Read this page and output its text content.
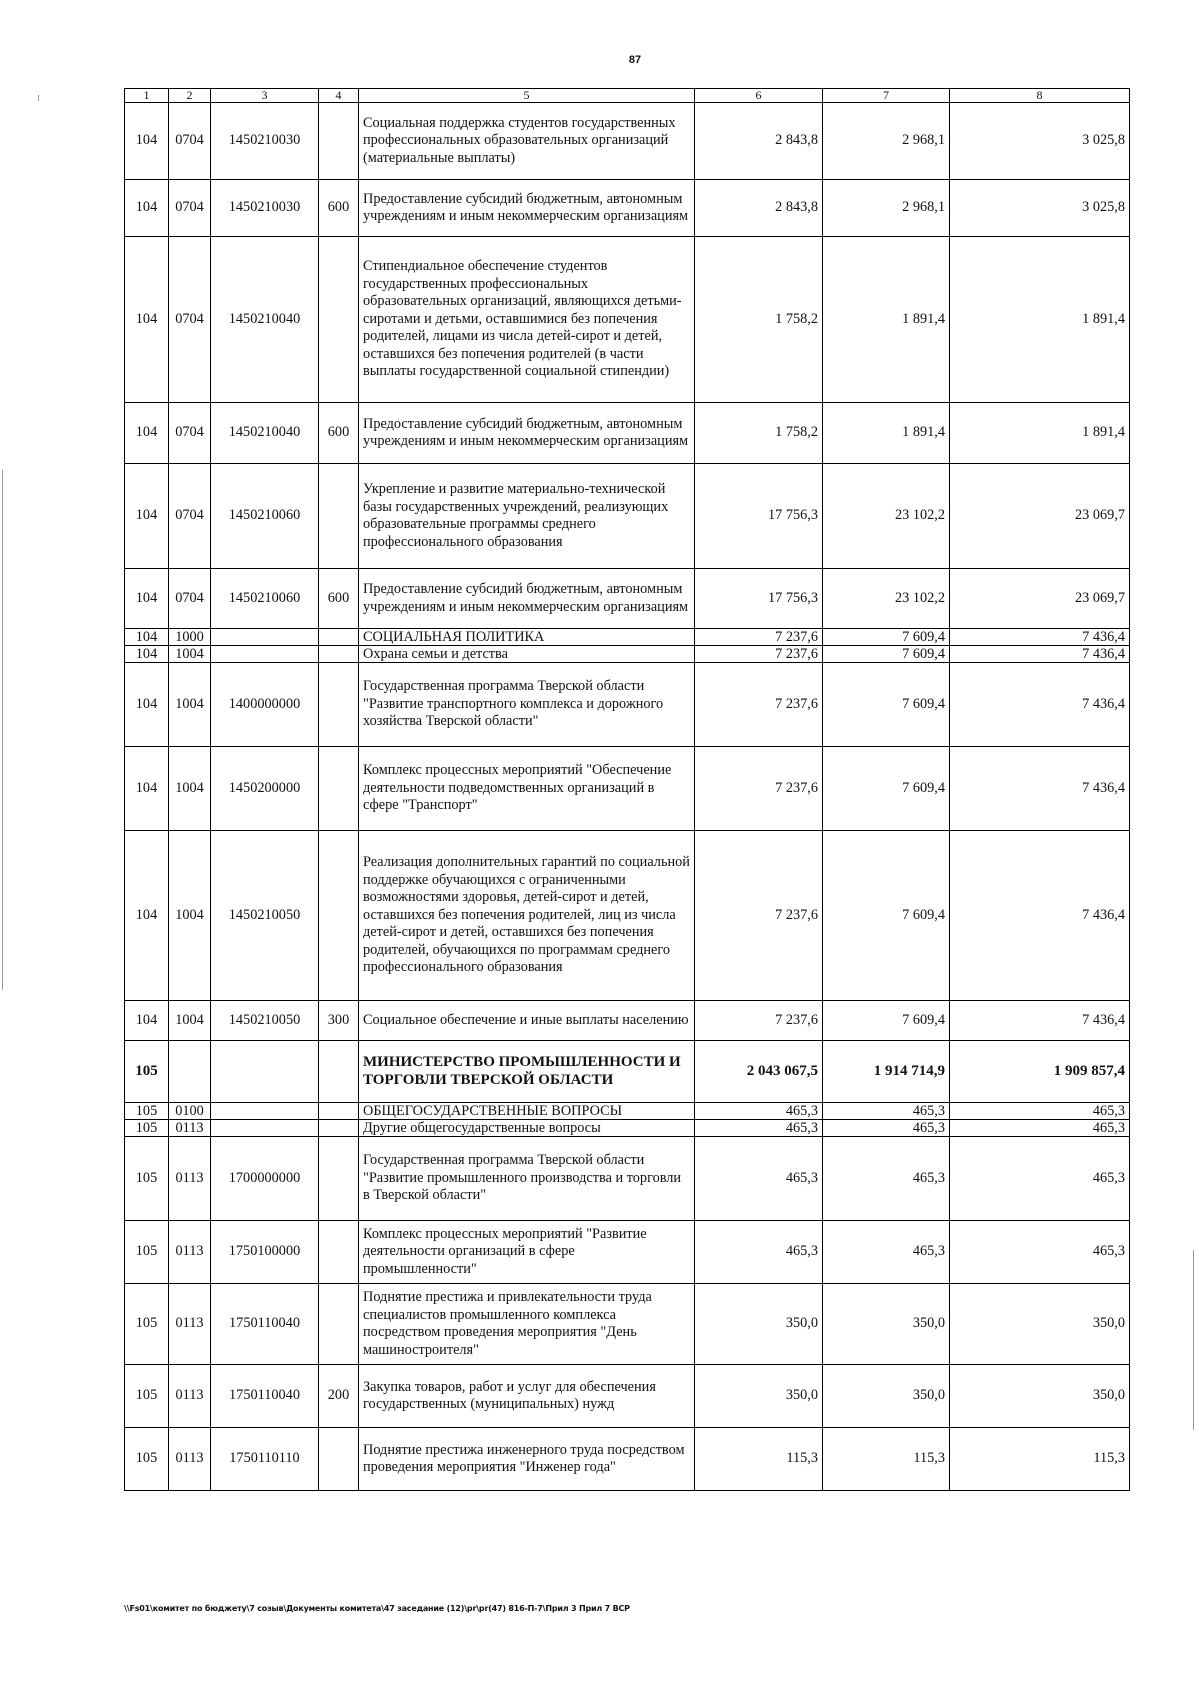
87
1	2	3	4	5	6	7	8
104	0704	1450210030		Социальная поддержка студентов государственных профессиональных образовательных организаций (материальные выплаты)	2 843,8	2 968,1	3 025,8
104	0704	1450210030	600	Предоставление субсидий бюджетным, автономным учреждениям и иным некоммерческим организациям	2 843,8	2 968,1	3 025,8
104	0704	1450210040		Стипендиальное обеспечение студентов государственных профессиональных образовательных организаций, являющихся детьми-сиротами и детьми, оставшимися без попечения родителей, лицами из числа детей-сирот и детей, оставшихся без попечения родителей (в части выплаты государственной социальной стипендии)	1 758,2	1 891,4	1 891,4
104	0704	1450210040	600	Предоставление субсидий бюджетным, автономным учреждениям и иным некоммерческим организациям	1 758,2	1 891,4	1 891,4
104	0704	1450210060		Укрепление и развитие материально-технической базы государственных учреждений, реализующих образовательные программы среднего профессионального образования	17 756,3	23 102,2	23 069,7
104	0704	1450210060	600	Предоставление субсидий бюджетным, автономным учреждениям и иным некоммерческим организациям	17 756,3	23 102,2	23 069,7
104	1000			СОЦИАЛЬНАЯ ПОЛИТИКА	7 237,6	7 609,4	7 436,4
104	1004			Охрана семьи и детства	7 237,6	7 609,4	7 436,4
104	1004	1400000000		Государственная программа Тверской области "Развитие транспортного комплекса и дорожного хозяйства Тверской области"	7 237,6	7 609,4	7 436,4
104	1004	1450200000		Комплекс процессных мероприятий "Обеспечение деятельности подведомственных организаций в сфере "Транспорт"	7 237,6	7 609,4	7 436,4
104	1004	1450210050		Реализация дополнительных гарантий по социальной поддержке обучающихся с ограниченными возможностями здоровья, детей-сирот и детей, оставшихся без попечения родителей, лиц из числа детей-сирот и детей, оставшихся без попечения родителей, обучающихся по программам среднего профессионального образования	7 237,6	7 609,4	7 436,4
104	1004	1450210050	300	Социальное обеспечение и иные выплаты населению	7 237,6	7 609,4	7 436,4
105				МИНИСТЕРСТВО ПРОМЫШЛЕННОСТИ И ТОРГОВЛИ ТВЕРСКОЙ ОБЛАСТИ	2 043 067,5	1 914 714,9	1 909 857,4
105	0100			ОБЩЕГОСУДАРСТВЕННЫЕ ВОПРОСЫ	465,3	465,3	465,3
105	0113			Другие общегосударственные вопросы	465,3	465,3	465,3
105	0113	1700000000		Государственная программа Тверской области "Развитие промышленного производства и торговли в Тверской области"	465,3	465,3	465,3
105	0113	1750100000		Комплекс процессных мероприятий "Развитие деятельности организаций в сфере промышленности"	465,3	465,3	465,3
105	0113	1750110040		Поднятие престижа и привлекательности труда специалистов промышленного комплекса посредством проведения мероприятия "День машиностроителя"	350,0	350,0	350,0
105	0113	1750110040	200	Закупка товаров, работ и услуг для обеспечения государственных (муниципальных) нужд	350,0	350,0	350,0
105	0113	1750110110		Поднятие престижа инженерного труда посредством проведения мероприятия "Инженер года"	115,3	115,3	115,3
\\Fs01\комитет по бюджету\7 созыв\Документы комитета\47 заседание (12)\pr\pr(47) 816-П-7\Прил 3 Прил 7 ВСР
